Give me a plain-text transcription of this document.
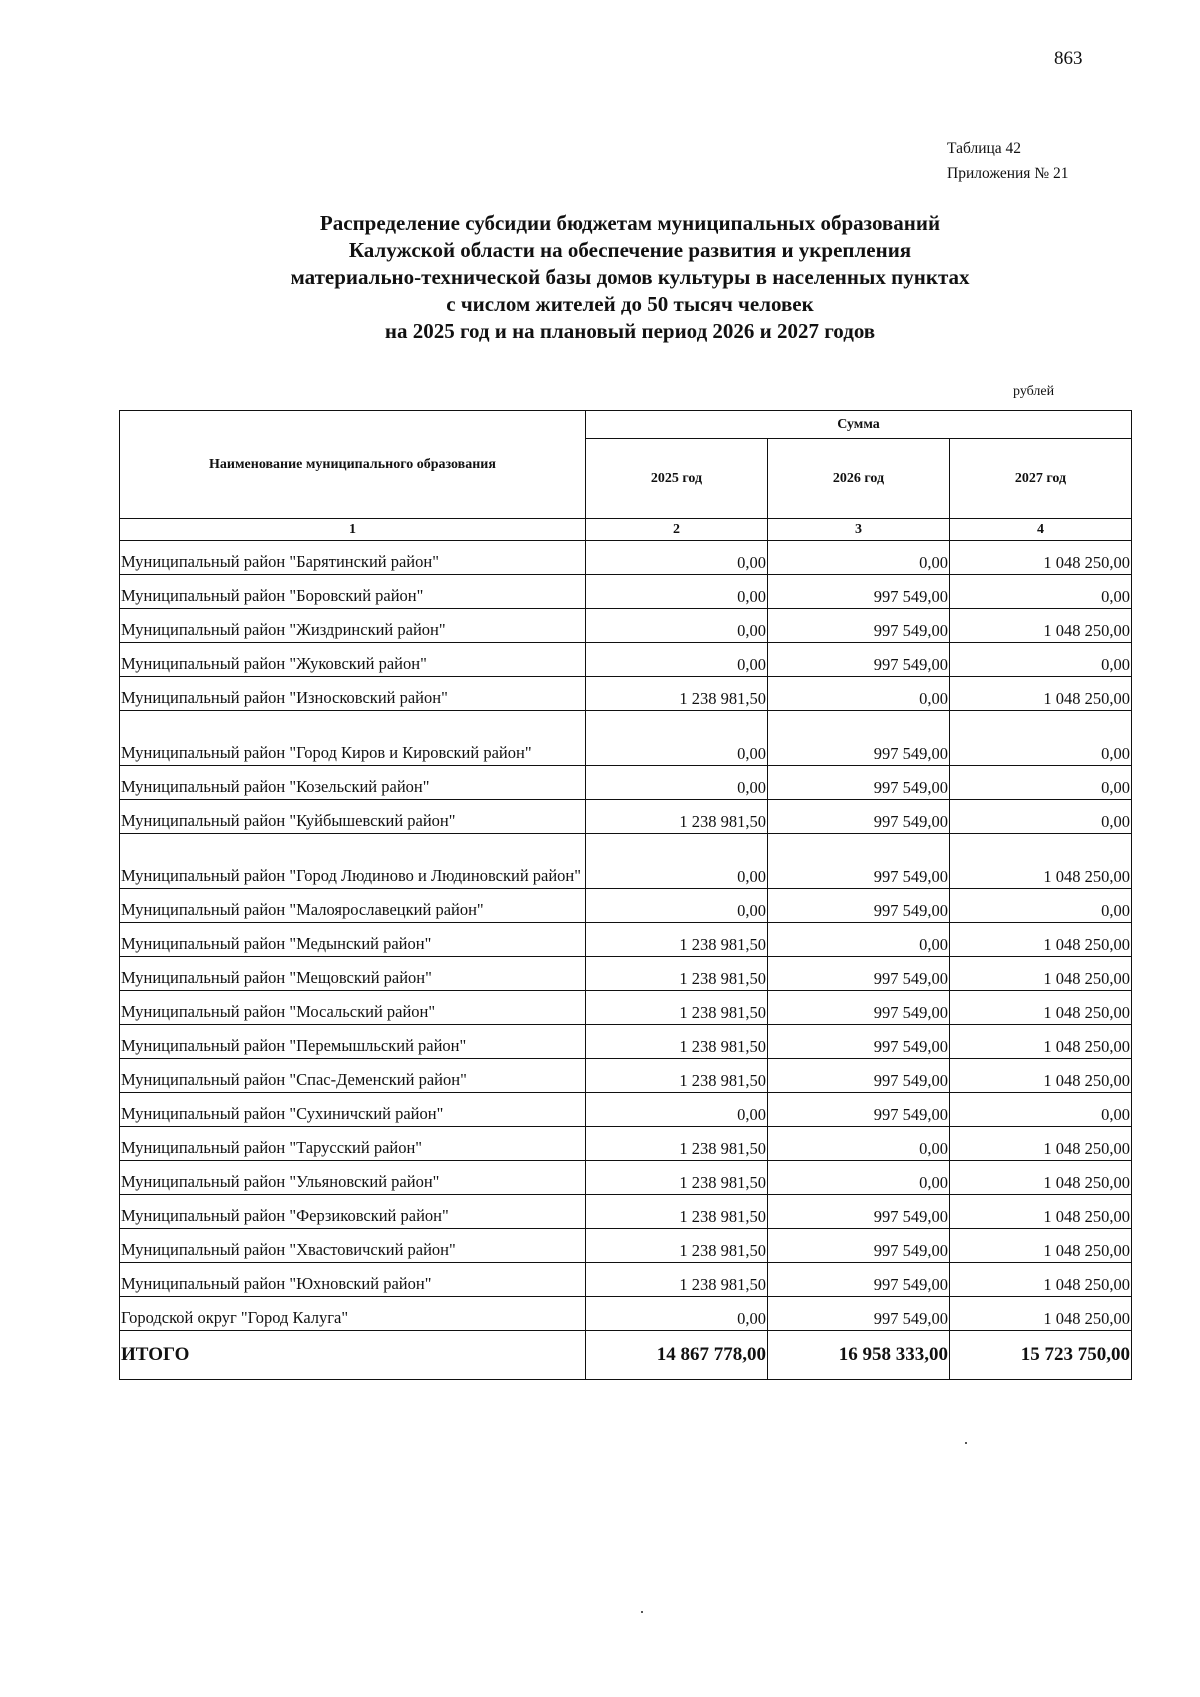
863
Таблица 42
Приложения № 21
Распределение субсидии бюджетам муниципальных образований
Калужской области на обеспечение развития и укрепления
материально-технической базы домов культуры в населенных пунктах
с числом жителей до 50 тысяч человек
на 2025 год и на плановый период 2026 и 2027 годов
рублей
Наименование муниципального образования	Сумма		
	2025 год	2026 год	2027 год
1	2	3	4
Муниципальный район "Барятинский район"	0,00	0,00	1 048 250,00
Муниципальный район "Боровский район"	0,00	997 549,00	0,00
Муниципальный район "Жиздринский район"	0,00	997 549,00	1 048 250,00
Муниципальный район "Жуковский район"	0,00	997 549,00	0,00
Муниципальный район "Износковский район"	1 238 981,50	0,00	1 048 250,00
Муниципальный район "Город Киров и Кировский район"	0,00	997 549,00	0,00
Муниципальный район "Козельский район"	0,00	997 549,00	0,00
Муниципальный район "Куйбышевский район"	1 238 981,50	997 549,00	0,00
Муниципальный район "Город Людиново и Людиновский район"	0,00	997 549,00	1 048 250,00
Муниципальный район "Малоярославецкий район"	0,00	997 549,00	0,00
Муниципальный район "Медынский район"	1 238 981,50	0,00	1 048 250,00
Муниципальный район "Мещовский район"	1 238 981,50	997 549,00	1 048 250,00
Муниципальный район "Мосальский район"	1 238 981,50	997 549,00	1 048 250,00
Муниципальный район "Перемышльский район"	1 238 981,50	997 549,00	1 048 250,00
Муниципальный район "Спас-Деменский район"	1 238 981,50	997 549,00	1 048 250,00
Муниципальный район "Сухиничский район"	0,00	997 549,00	0,00
Муниципальный район "Тарусский район"	1 238 981,50	0,00	1 048 250,00
Муниципальный район "Ульяновский район"	1 238 981,50	0,00	1 048 250,00
Муниципальный район "Ферзиковский район"	1 238 981,50	997 549,00	1 048 250,00
Муниципальный район "Хвастовичский район"	1 238 981,50	997 549,00	1 048 250,00
Муниципальный район "Юхновский район"	1 238 981,50	997 549,00	1 048 250,00
Городской округ "Город Калуга"	0,00	997 549,00	1 048 250,00
ИТОГО	14 867 778,00	16 958 333,00	15 723 750,00
